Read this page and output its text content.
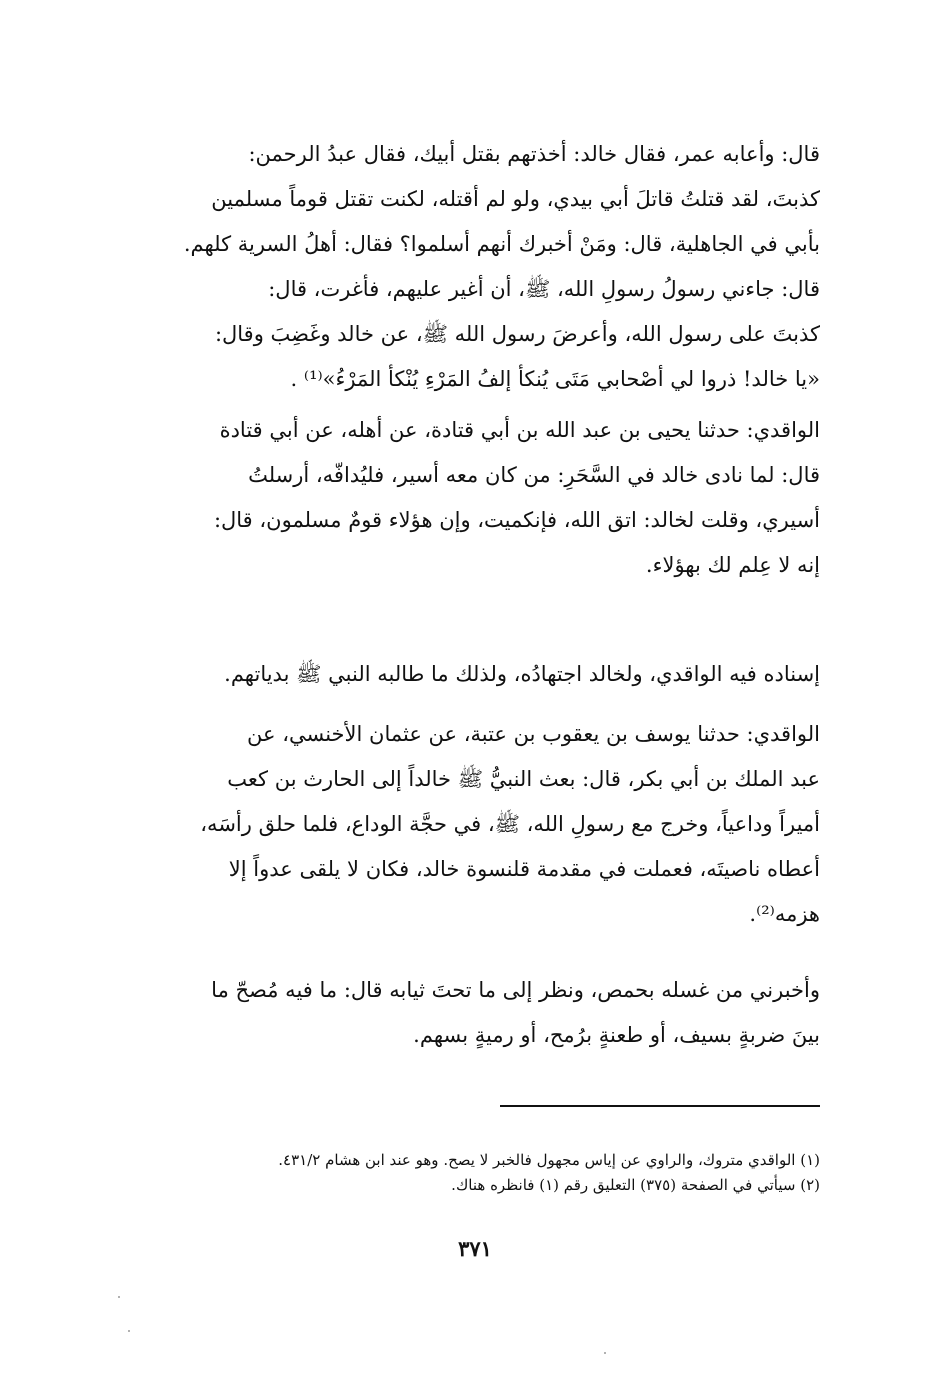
قال: وأعابه عمر، فقال خالد: أخذتهم بقتل أبيك، فقال عبدُ الرحمن:
كذبتَ، لقد قتلتُ قاتلَ أبي بيدي، ولو لم أقتله، لكنت تقتل قوماً مسلمين
بأبي في الجاهلية، قال: ومَنْ أخبرك أنهم أسلموا؟ فقال: أهلُ السرية كلهم.
قال: جاءني رسولُ رسولِ الله، ﷺ، أن أغير عليهم، فأغرت، قال:
كذبتَ على رسول الله، وأعرضَ رسول الله ﷺ، عن خالد وغَضِبَ وقال:
«يا خالد! ذروا لي أصْحابي مَتَى يُنكأ إلفُ المَرْءِ يُنْكأ المَرْءُ»⁽¹⁾ .
الواقدي: حدثنا يحيى بن عبد الله بن أبي قتادة، عن أهله، عن أبي قتادة
قال: لما نادى خالد في السَّحَرِ: من كان معه أسير، فليُدافّه، أرسلتُ
أسيري، وقلت لخالد: اتق الله، فإنكميت، وإن هؤلاء قومٌ مسلمون، قال:
إنه لا عِلم لك بهؤلاء.
إسناده فيه الواقدي، ولخالد اجتهادُه، ولذلك ما طالبه النبي ﷺ بدياتهم.
الواقدي: حدثنا يوسف بن يعقوب بن عتبة، عن عثمان الأخنسي، عن
عبد الملك بن أبي بكر، قال: بعث النبيُّ ﷺ خالداً إلى الحارث بن كعب
أميراً وداعياً، وخرج مع رسولِ الله، ﷺ، في حجَّة الوداع، فلما حلق رأسَه،
أعطاه ناصيتَه، فعملت في مقدمة قلنسوة خالد، فكان لا يلقى عدواً إلا
هزمه⁽²⁾.
وأخبرني من غسله بحمص، ونظر إلى ما تحتَ ثيابه قال: ما فيه مُصحّ ما
بينَ ضربةٍ بسيف، أو طعنةٍ برُمح، أو رميةٍ بسهم.
(١) الواقدي متروك، والراوي عن إياس مجهول فالخبر لا يصح. وهو عند ابن هشام ٤٣١/٢.
(٢) سيأتي في الصفحة (٣٧٥) التعليق رقم (١) فانظره هناك.
٣٧١
